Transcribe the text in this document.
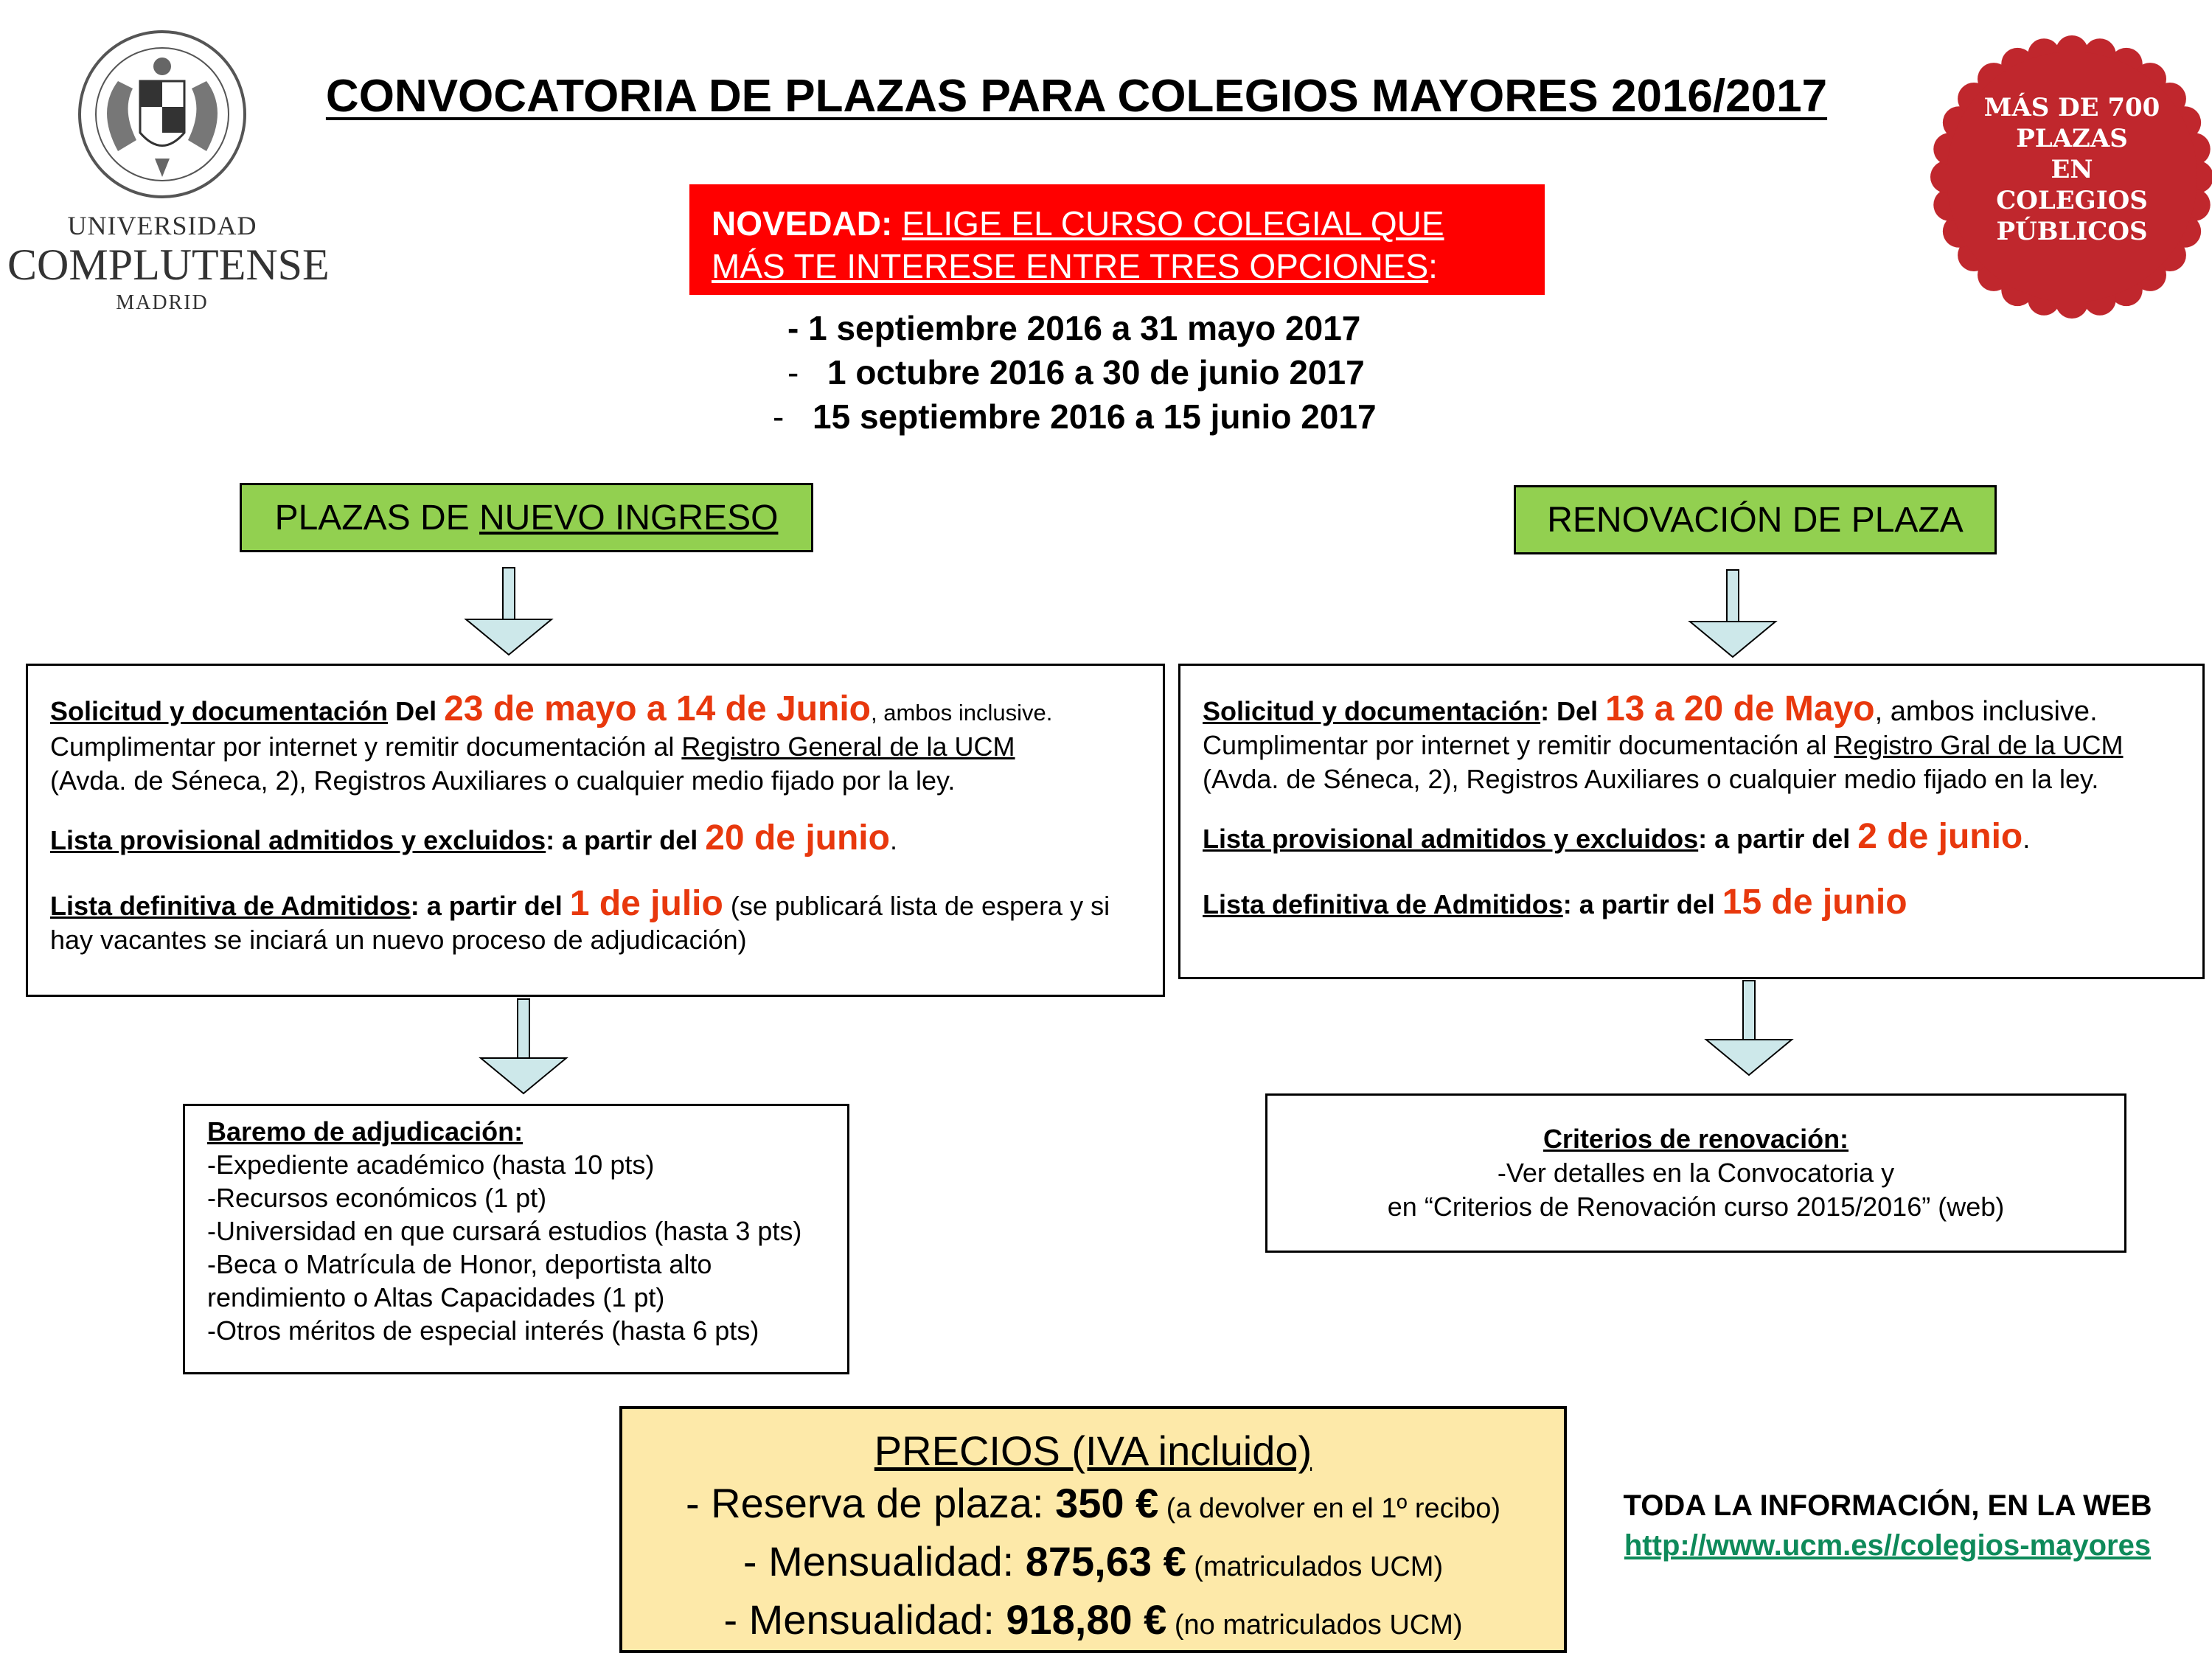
UNIVERSIDAD
COMPLUTENSE
MADRID
CONVOCATORIA DE PLAZAS PARA COLEGIOS MAYORES 2016/2017	MÁS DE 700
PLAZAS
EN
COLEGIOS
PÚBLICOS
NOVEDAD: ELIGE EL CURSO COLEGIAL QUE
MÁS TE INTERESE ENTRE TRES OPCIONES:
- 1 septiembre 2016 a 31 mayo 2017
- 1 octubre 2016 a 30 de junio 2017
- 15 septiembre 2016 a 15 junio 2017
PLAZAS DE NUEVO INGRESO	RENOVACIÓN DE PLAZA

Solicitud y documentación Del 23 de mayo a 14 de Junio, ambos inclusive.
Cumplimentar por internet y remitir documentación al Registro General de la UCM
(Avda. de Séneca, 2), Registros Auxiliares o cualquier medio fijado por la ley.

Lista provisional admitidos y excluidos: a partir del 20 de junio.

Lista definitiva de Admitidos: a partir del 1 de julio (se publicará lista de espera y si
hay vacantes se inciará un nuevo proceso de adjudicación)

Solicitud y documentación: Del 13 a 20 de Mayo, ambos inclusive.
Cumplimentar por internet y remitir documentación al Registro Gral de la UCM
(Avda. de Séneca, 2), Registros Auxiliares o cualquier medio fijado en la ley.

Lista provisional admitidos y excluidos: a partir del 2 de junio.

Lista definitiva de Admitidos: a partir del 15 de junio

Baremo de adjudicación:
-Expediente académico (hasta 10 pts)
-Recursos económicos (1 pt)
-Universidad en que cursará estudios (hasta 3 pts)
-Beca o Matrícula de Honor, deportista alto
rendimiento o Altas Capacidades (1 pt)
-Otros méritos de especial interés (hasta 6 pts)
Criterios de renovación:
-Ver detalles en la Convocatoria y
en “Criterios de Renovación curso 2015/2016” (web)
PRECIOS (IVA incluido)
- Reserva de plaza: 350 € (a devolver en el 1º recibo)
- Mensualidad: 875,63 € (matriculados UCM)
- Mensualidad: 918,80 € (no matriculados UCM)
TODA LA INFORMACIÓN, EN LA WEB
http://www.ucm.es//colegios-mayores
